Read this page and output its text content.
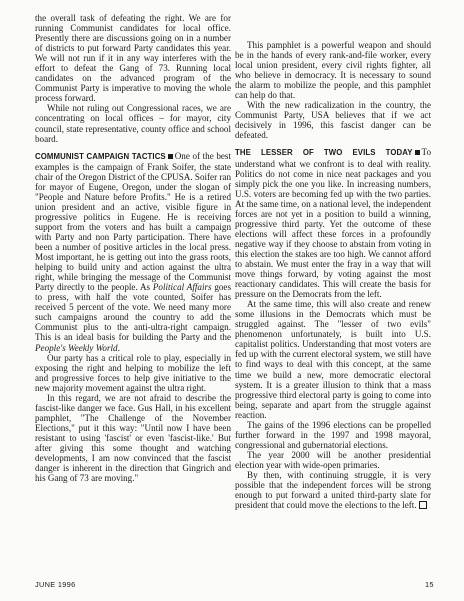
the overall task of defeating the right. We are for running Communist candidates for local office. Presently there are discussions going on in a number of districts to put forward Party candidates this year. We will not run if it in any way interferes with the effort to defeat the Gang of 73. Running local candidates on the advanced program of the Communist Party is imperative to moving the whole process forward.

While not ruling out Congressional races, we are concentrating on local offices – for mayor, city council, state representative, county office and school board.

COMMUNIST CAMPAIGN TACTICS One of the best examples is the campaign of Frank Soifer, the state chair of the Oregon District of the CPUSA. Soifer ran for mayor of Eugene, Oregon, under the slogan of "People and Nature before Profits." He is a retired union president and an active, visible figure in progressive politics in Eugene. He is receiving support from the voters and has built a campaign with Party and non Party participation. There have been a number of positive articles in the local press. Most important, he is getting out into the grass roots, helping to build unity and action against the ultra right, while bringing the message of the Communist Party directly to the people. As Political Affairs goes to press, with half the vote counted, Soifer has received 5 percent of the vote. We need many more such campaigns around the country to add the Communist plus to the anti-ultra-right campaign. This is an ideal basis for building the Party and the People's Weekly World.

Our party has a critical role to play, especially in exposing the right and helping to mobilize the left and progressive forces to help give initiative to the new majority movement against the ultra right.

In this regard, we are not afraid to describe the fascist-like danger we face. Gus Hall, in his excellent pamphlet, "The Challenge of the November Elections," put it this way: "Until now I have been resistant to using 'fascist' or even 'fascist-like.' But after giving this some thought and watching developments, I am now convinced that the fascist danger is inherent in the direction that Gingrich and his Gang of 73 are moving."

This pamphlet is a powerful weapon and should be in the hands of every rank-and-file worker, every local union president, every civil rights fighter, all who believe in democracy. It is necessary to sound the alarm to mobilize the people, and this pamphlet can help do that.

With the new radicalization in the country, the Communist Party, USA believes that if we act decisively in 1996, this fascist danger can be defeated.

THE LESSER OF TWO EVILS TODAY To understand what we confront is to deal with reality. Politics do not come in nice neat packages and you simply pick the one you like. In increasing numbers, U.S. voters are becoming fed up with the two parties. At the same time, on a national level, the independent forces are not yet in a position to build a winning, progressive third party. Yet the outcome of these elections will affect these forces in a profoundly negative way if they choose to abstain from voting in this election the stakes are too high. We cannot afford to abstain. We must enter the fray in a way that will move things forward, by voting against the most reactionary candidates. This will create the basis for pressure on the Democrats from the left.

At the same time, this will also create and renew some illusions in the Democrats which must be struggled against. The "lesser of two evils" phenomenon unfortunately, is built into U.S. capitalist politics. Understanding that most voters are fed up with the current electoral system, we still have to find ways to deal with this concept, at the same time we build a new, more democratic electoral system. It is a greater illusion to think that a mass progressive third electoral party is going to come into being, separate and apart from the struggle against reaction.

The gains of the 1996 elections can be propelled further forward in the 1997 and 1998 mayoral, congressional and gubernatorial elections.

The year 2000 will be another presidential election year with wide-open primaries.

By then, with continuing struggle, it is very possible that the independent forces will be strong enough to put forward a united third-party slate for president that could move the elections to the left.

JUNE 1996	15
